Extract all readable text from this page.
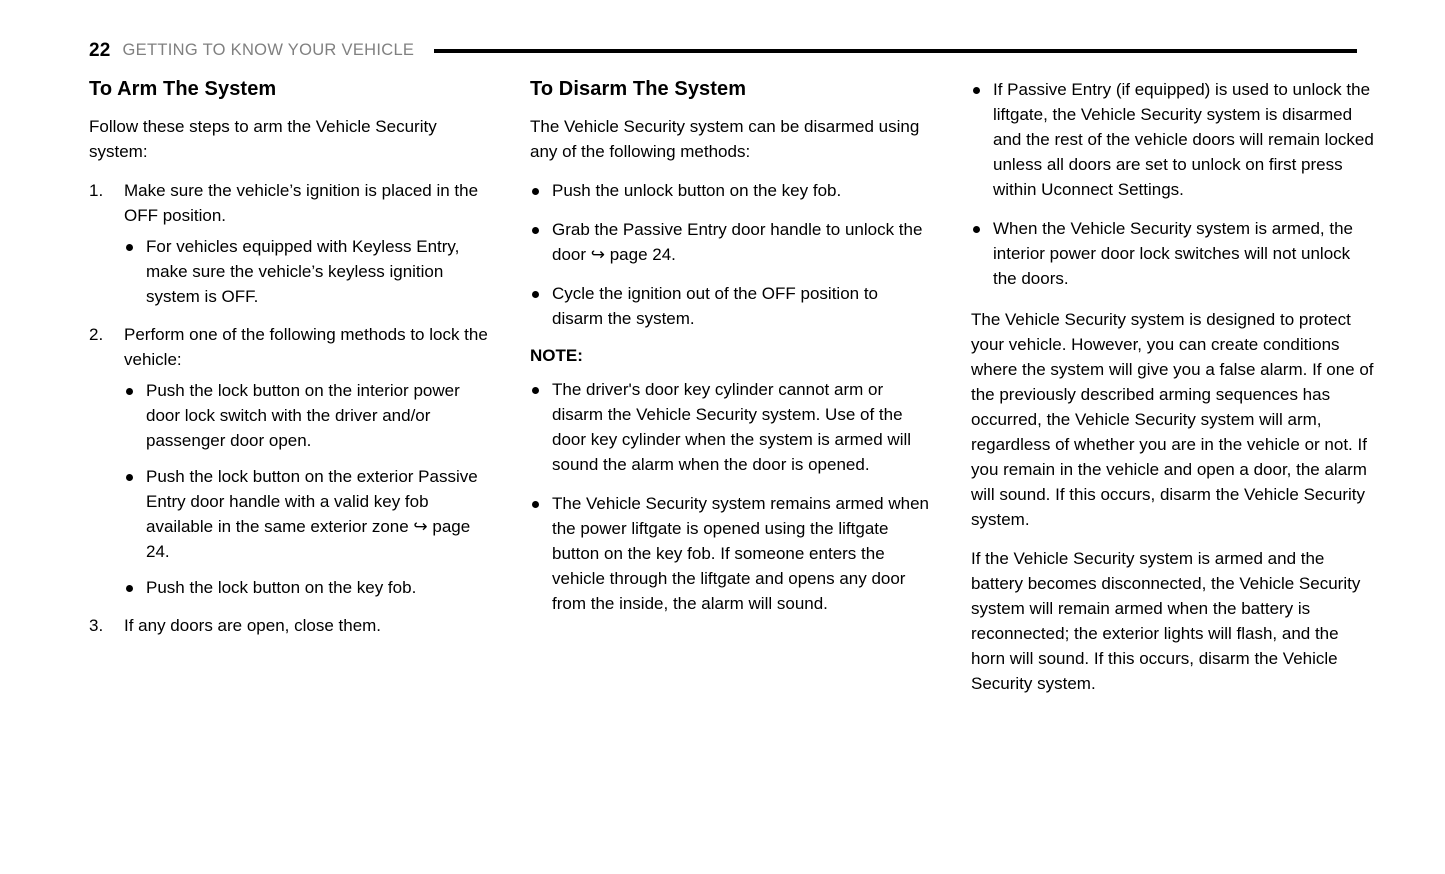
22 GETTING TO KNOW YOUR VEHICLE
To Arm The System

Follow these steps to arm the Vehicle Security system:

1.	Make sure the vehicle’s ignition is placed in the OFF position.
For vehicles equipped with Keyless Entry, make sure the vehicle’s keyless ignition system is OFF.
2.	Perform one of the following methods to lock the vehicle:
Push the lock button on the interior power door lock switch with the driver and/or passenger door open.
Push the lock button on the exterior Passive Entry door handle with a valid key fob available in the same exterior zone ↪ page 24.
Push the lock button on the key fob.
3.	If any doors are open, close them.
To Disarm The System

The Vehicle Security system can be disarmed using any of the following methods:

Push the unlock button on the key fob.
Grab the Passive Entry door handle to unlock the door ↪ page 24.
Cycle the ignition out of the OFF position to disarm the system.
NOTE:
The driver's door key cylinder cannot arm or disarm the Vehicle Security system. Use of the door key cylinder when the system is armed will sound the alarm when the door is opened.
The Vehicle Security system remains armed when the power liftgate is opened using the liftgate button on the key fob. If someone enters the vehicle through the liftgate and opens any door from the inside, the alarm will sound.
If Passive Entry (if equipped) is used to unlock the liftgate, the Vehicle Security system is disarmed and the rest of the vehicle doors will remain locked unless all doors are set to unlock on first press within Uconnect Settings.
When the Vehicle Security system is armed, the interior power door lock switches will not unlock the doors.

The Vehicle Security system is designed to protect your vehicle. However, you can create conditions where the system will give you a false alarm. If one of the previously described arming sequences has occurred, the Vehicle Security system will arm, regardless of whether you are in the vehicle or not. If you remain in the vehicle and open a door, the alarm will sound. If this occurs, disarm the Vehicle Security system.

If the Vehicle Security system is armed and the battery becomes disconnected, the Vehicle Security system will remain armed when the battery is reconnected; the exterior lights will flash, and the horn will sound. If this occurs, disarm the Vehicle Security system.
